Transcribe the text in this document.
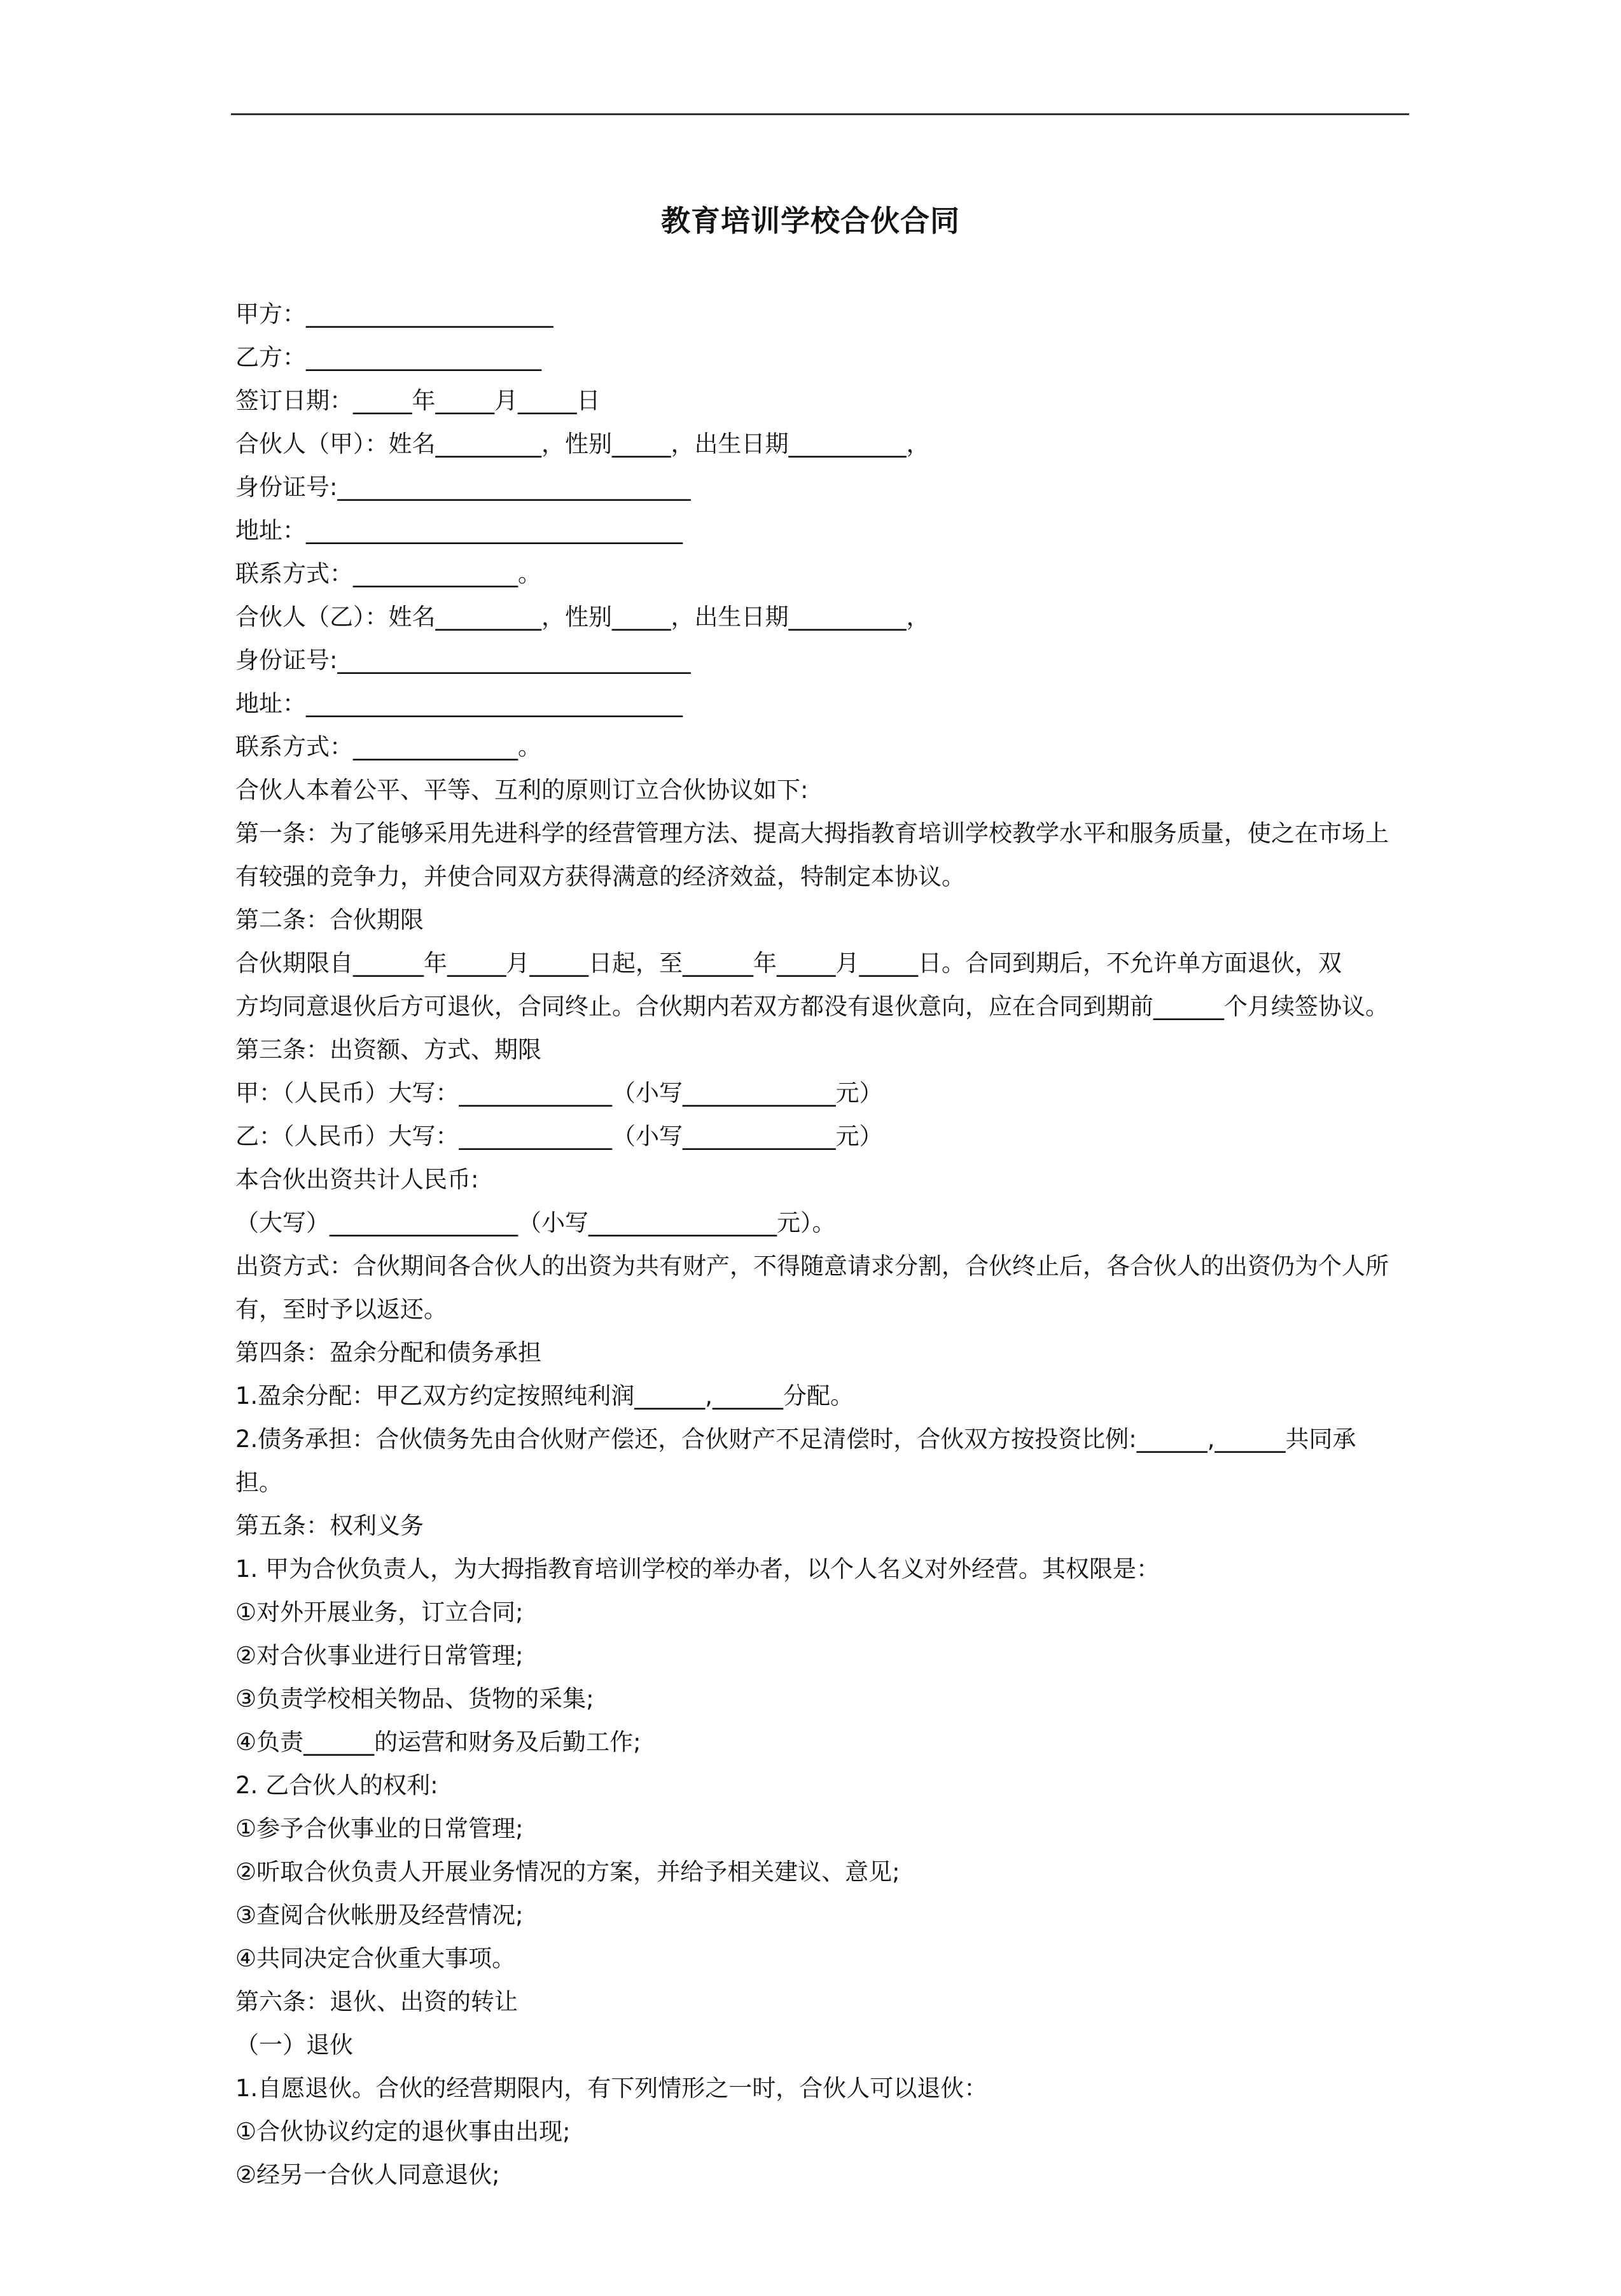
教育培训学校合伙合同
甲方：_____________________
乙方：____________________
签订日期：_____年_____月_____日
合伙人（甲）：姓名_________，性别_____，出生日期__________，
身份证号:______________________________
地址：________________________________
联系方式：______________。
合伙人（乙）：姓名_________，性别_____，出生日期__________，
身份证号:______________________________
地址：________________________________
联系方式：______________。
合伙人本着公平、平等、互利的原则订立合伙协议如下:
第一条：为了能够采用先进科学的经营管理方法、提高大拇指教育培训学校教学水平和服务质量，使之在市场上
有较强的竞争力，并使合同双方获得满意的经济效益，特制定本协议。
第二条：合伙期限
合伙期限自______年_____月_____日起，至______年_____月_____日。合同到期后，不允许单方面退伙，双
方均同意退伙后方可退伙，合同终止。合伙期内若双方都没有退伙意向，应在合同到期前______个月续签协议。
第三条：出资额、方式、期限
甲：（人民币）大写：_____________（小写_____________元）
乙：（人民币）大写：_____________（小写_____________元）
本合伙出资共计人民币:
（大写）________________（小写________________元）。
出资方式：合伙期间各合伙人的出资为共有财产，不得随意请求分割，合伙终止后，各合伙人的出资仍为个人所
有，至时予以返还。
第四条：盈余分配和债务承担
1.盈余分配：甲乙双方约定按照纯利润______,______分配。
2.债务承担：合伙债务先由合伙财产偿还，合伙财产不足清偿时，合伙双方按投资比例:______,______共同承
担。
第五条：权利义务
1. 甲为合伙负责人，为大拇指教育培训学校的举办者，以个人名义对外经营。其权限是：
①对外开展业务，订立合同;
②对合伙事业进行日常管理;
③负责学校相关物品、货物的采集;
④负责______的运营和财务及后勤工作;
2. 乙合伙人的权利:
①参予合伙事业的日常管理;
②听取合伙负责人开展业务情况的方案，并给予相关建议、意见;
③查阅合伙帐册及经营情况;
④共同决定合伙重大事项。
第六条：退伙、出资的转让
（一）退伙
1.自愿退伙。合伙的经营期限内，有下列情形之一时，合伙人可以退伙：
①合伙协议约定的退伙事由出现;
②经另一合伙人同意退伙;
